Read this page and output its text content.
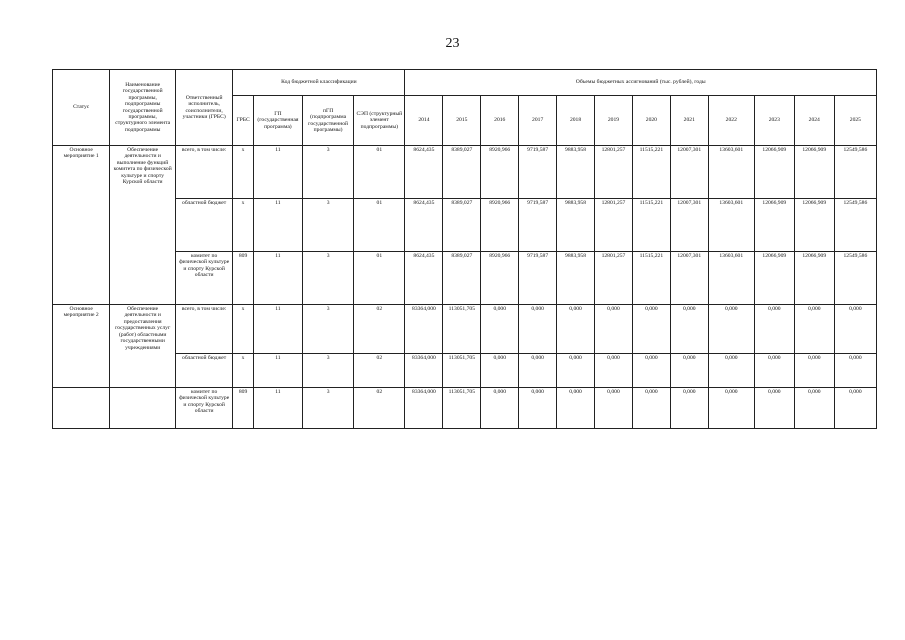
23
Статус	Наименование государственной программы, подпрограммы государственной программы, структурного элемента подпрограммы	Ответственный исполнитель, соисполнители, участники (ГРБС)	Код бюджетной классификации				Объемы бюджетных ассигнований (тыс. рублей), годы											
			ГРБС	ГП (государственная программа)	пГП (подпрограмма государственной программы)	СЭП (структурный элемент подпрограммы)	2014	2015	2016	2017	2018	2019	2020	2021	2022	2023	2024	2025
Основное мероприятие 1	Обеспечение деятельности и выполнение функций комитета по физической культуре и спорту Курской области	всего, в том числе:	х	11	3	01	8624,435	8389,027	8920,966	9719,587	9883,958	12801,257	11515,221	12007,301	13603,601	12066,909	12066,909	12549,586
		областной бюджет	х	11	3	01	8624,435	8389,027	8920,966	9719,587	9883,958	12801,257	11515,221	12007,301	13603,601	12066,909	12066,909	12549,586
		комитет по физической культуре и спорту Курской области	809	11	3	01	8624,435	8389,027	8920,966	9719,587	9883,958	12801,257	11515,221	12007,301	13603,601	12066,909	12066,909	12549,586
Основное мероприятие 2	Обеспечение деятельности и предоставления государственных услуг (работ) областными государственными учреждениями	всего, в том числе:	х	11	3	02	83364,000	113051,705	0,000	0,000	0,000	0,000	0,000	0,000	0,000	0,000	0,000	0,000
		областной бюджет	х	11	3	02	83364,000	113051,705	0,000	0,000	0,000	0,000	0,000	0,000	0,000	0,000	0,000	0,000
		комитет по физической культуре и спорту Курской области	809	11	3	02	83364,000	113051,705	0,000	0,000	0,000	0,000	0,000	0,000	0,000	0,000	0,000	0,000
